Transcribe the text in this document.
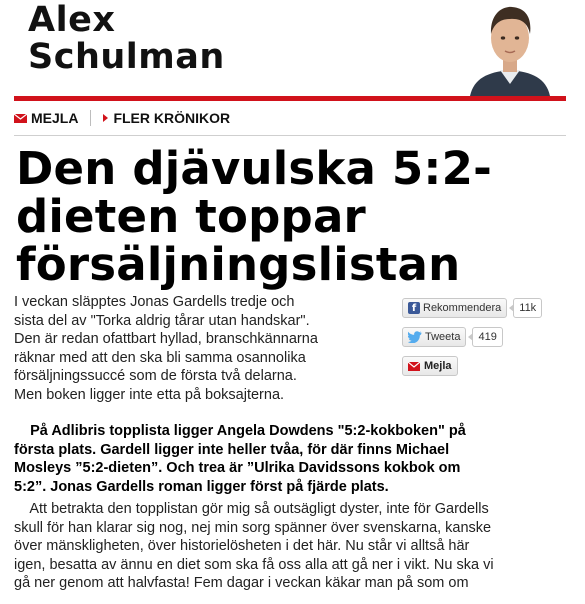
Alex
Schulman
MEJLA	FLER KRÖNIKOR
Den djävulska 5:2-
dieten toppar
försäljningslistan
I veckan släpptes Jonas Gardells tredje och
sista del av "Torka aldrig tårar utan handskar".
Den är redan ofattbart hyllad, branschkännarna
räknar med att den ska bli samma osannolika
försäljningssuccé som de första två delarna.
Men boken ligger inte etta på boksajterna.
f Rekommendera	11k
Tweeta	419
Mejla
På Adlibris topplista ligger Angela Dowdens "5:2-kokboken" på
första plats. Gardell ligger inte heller tvåa, för där finns Michael
Mosleys ”5:2-dieten”. Och trea är ”Ulrika Davidssons kokbok om
5:2”. Jonas Gardells roman ligger först på fjärde plats.
Att betrakta den topplistan gör mig så outsägligt dyster, inte för Gardells
skull för han klarar sig nog, nej min sorg spänner över svenskarna, kanske
över mänskligheten, över historielösheten i det här. Nu står vi alltså här
igen, besatta av ännu en diet som ska få oss alla att gå ner i vikt. Nu ska vi
gå ner genom att halvfasta! Fem dagar i veckan käkar man på som om
